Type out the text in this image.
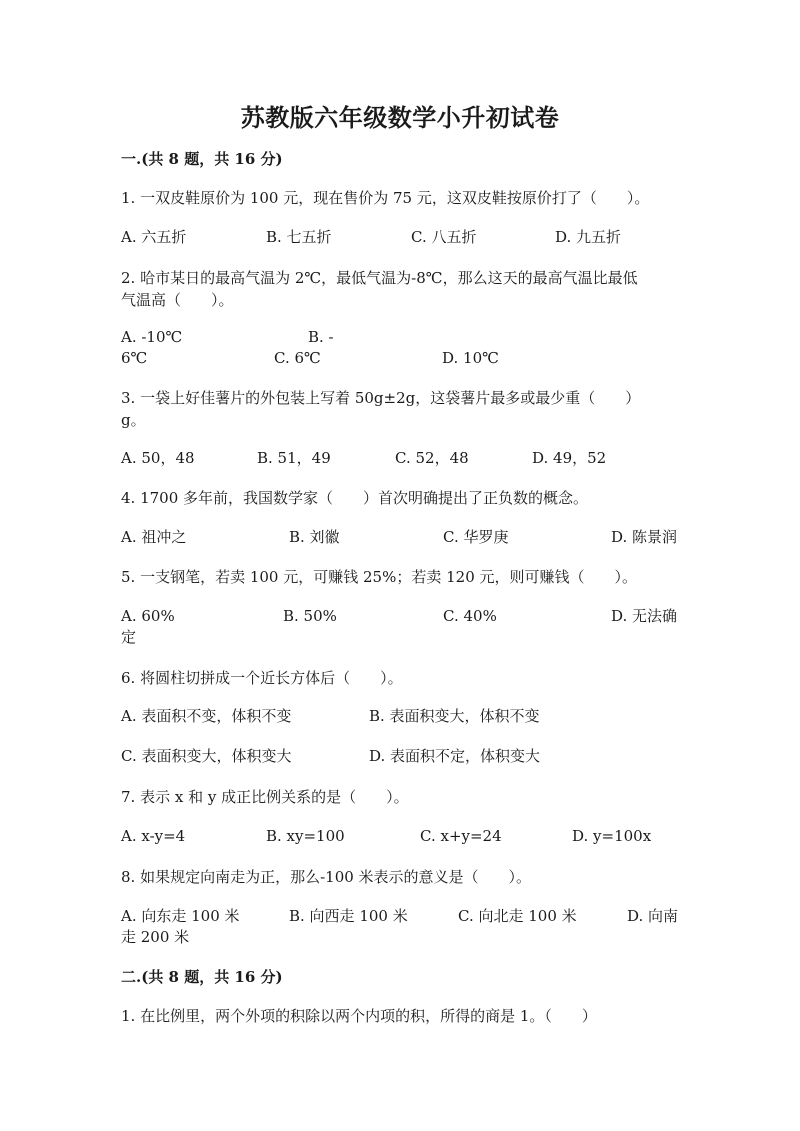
苏教版六年级数学小升初试卷
一.(共 8 题，共 16 分)
1. 一双皮鞋原价为 100 元，现在售价为 75 元，这双皮鞋按原价打了（　　）。
A. 六五折	B. 七五折	C. 八五折	D. 九五折
2. 哈市某日的最高气温为 2℃，最低气温为-8℃，那么这天的最高气温比最低
气温高（　　）。
A. -10℃	B. -
6℃	C. 6℃	D. 10℃
3. 一袋上好佳薯片的外包装上写着 50g±2g，这袋薯片最多或最少重（　　）
g。
A. 50，48	B. 51，49	C. 52，48	D. 49，52
4. 1700 多年前，我国数学家（　　）首次明确提出了正负数的概念。
A. 祖冲之	B. 刘徽	C. 华罗庚	D. 陈景润
5. 一支钢笔，若卖 100 元，可赚钱 25%；若卖 120 元，则可赚钱（　　）。
A. 60%	B. 50%	C. 40%	D. 无法确
定
6. 将圆柱切拼成一个近长方体后（　　）。
A. 表面积不变，体积不变	B. 表面积变大，体积不变
C. 表面积变大，体积变大	D. 表面积不定，体积变大
7. 表示 x 和 y 成正比例关系的是（　　）。
A. x-y=4	B. xy=100	C. x+y=24	D. y=100x
8. 如果规定向南走为正，那么-100 米表示的意义是（　　）。
A. 向东走 100 米	B. 向西走 100 米	C. 向北走 100 米	D. 向南
走 200 米
二.(共 8 题，共 16 分)
1. 在比例里，两个外项的积除以两个内项的积，所得的商是 1。（　　）
